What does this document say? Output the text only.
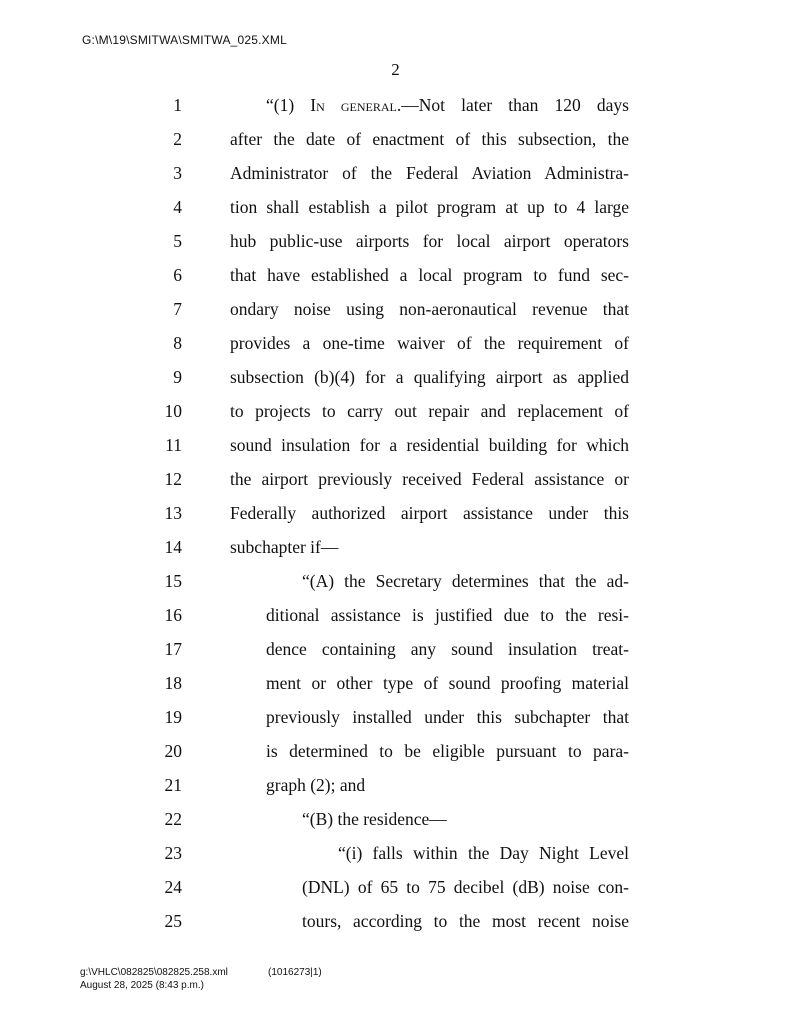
G:\M\19\SMITWA\SMITWA_025.XML
2
1	“(1) In general.—Not later than 120 days
2	after the date of enactment of this subsection, the
3	Administrator of the Federal Aviation Administra-
4	tion shall establish a pilot program at up to 4 large
5	hub public-use airports for local airport operators
6	that have established a local program to fund sec-
7	ondary noise using non-aeronautical revenue that
8	provides a one-time waiver of the requirement of
9	subsection (b)(4) for a qualifying airport as applied
10	to projects to carry out repair and replacement of
11	sound insulation for a residential building for which
12	the airport previously received Federal assistance or
13	Federally authorized airport assistance under this
14	subchapter if—
15	“(A) the Secretary determines that the ad-
16	ditional assistance is justified due to the resi-
17	dence containing any sound insulation treat-
18	ment or other type of sound proofing material
19	previously installed under this subchapter that
20	is determined to be eligible pursuant to para-
21	graph (2); and
22	“(B) the residence—
23	“(i) falls within the Day Night Level
24	(DNL) of 65 to 75 decibel (dB) noise con-
25	tours, according to the most recent noise
g:\VHLC\082825\082825.258.xml	(1016273|1)
August 28, 2025 (8:43 p.m.)
